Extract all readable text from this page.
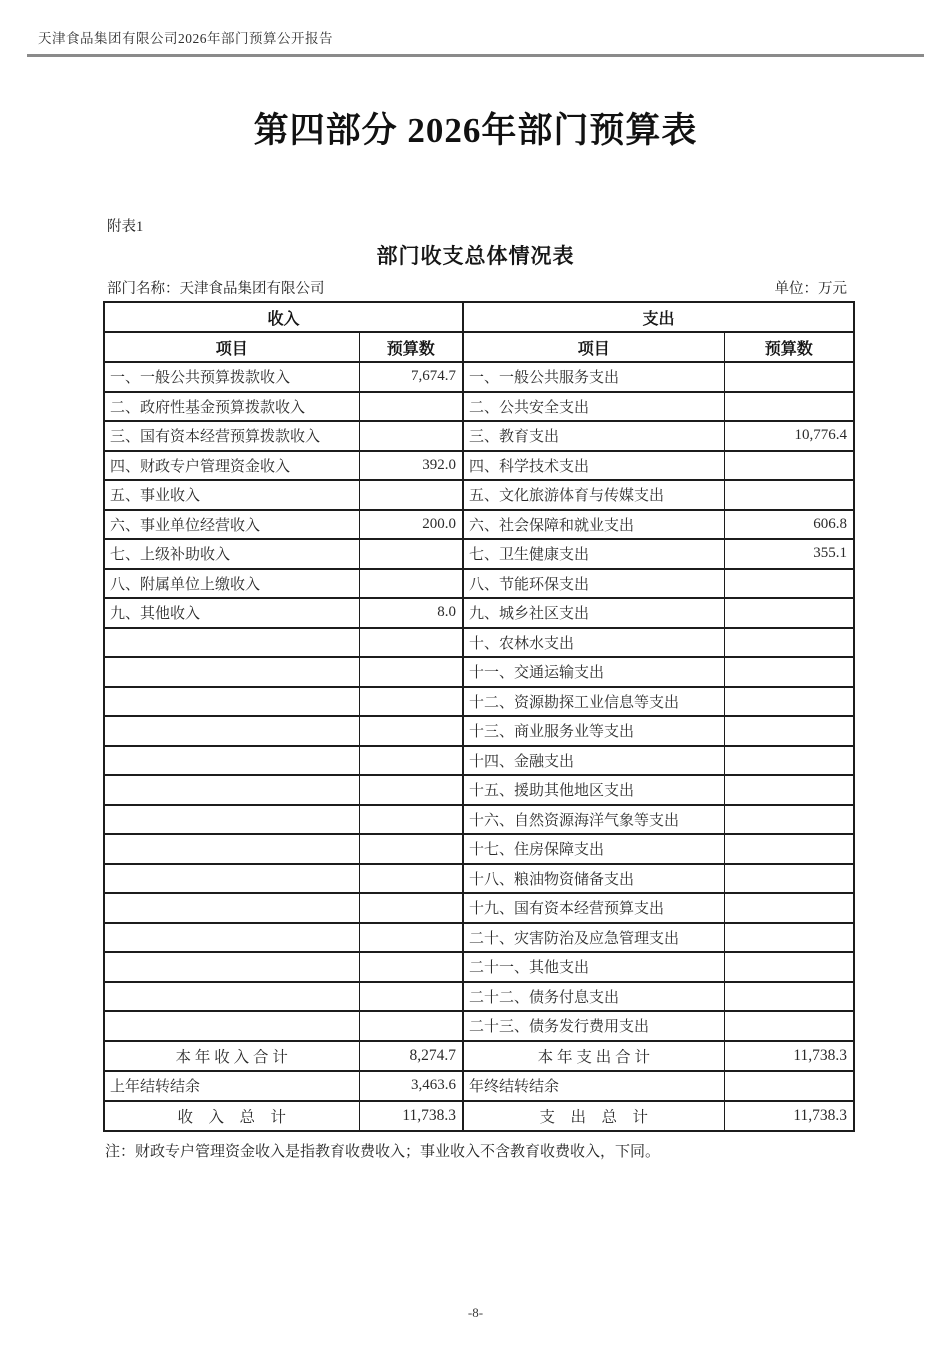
天津食品集团有限公司2026年部门预算公开报告
第四部分 2026年部门预算表
附表1
部门收支总体情况表
部门名称：天津食品集团有限公司	单位：万元
收入		支出	
项目	预算数	项目	预算数
一、一般公共预算拨款收入	7,674.7	一、一般公共服务支出	
二、政府性基金预算拨款收入		二、公共安全支出	
三、国有资本经营预算拨款收入		三、教育支出	10,776.4
四、财政专户管理资金收入	392.0	四、科学技术支出	
五、事业收入		五、文化旅游体育与传媒支出	
六、事业单位经营收入	200.0	六、社会保障和就业支出	606.8
七、上级补助收入		七、卫生健康支出	355.1
八、附属单位上缴收入		八、节能环保支出	
九、其他收入	8.0	九、城乡社区支出	
		十、农林水支出	
		十一、交通运输支出	
		十二、资源勘探工业信息等支出	
		十三、商业服务业等支出	
		十四、金融支出	
		十五、援助其他地区支出	
		十六、自然资源海洋气象等支出	
		十七、住房保障支出	
		十八、粮油物资储备支出	
		十九、国有资本经营预算支出	
		二十、灾害防治及应急管理支出	
		二十一、其他支出	
		二十二、债务付息支出	
		二十三、债务发行费用支出	
本 年 收 入 合 计	8,274.7	本 年 支 出 合 计	11,738.3
上年结转结余	3,463.6	年终结转结余	
收　入　总　计	11,738.3	支　出　总　计	11,738.3
注：财政专户管理资金收入是指教育收费收入；事业收入不含教育收费收入，下同。
-8-
